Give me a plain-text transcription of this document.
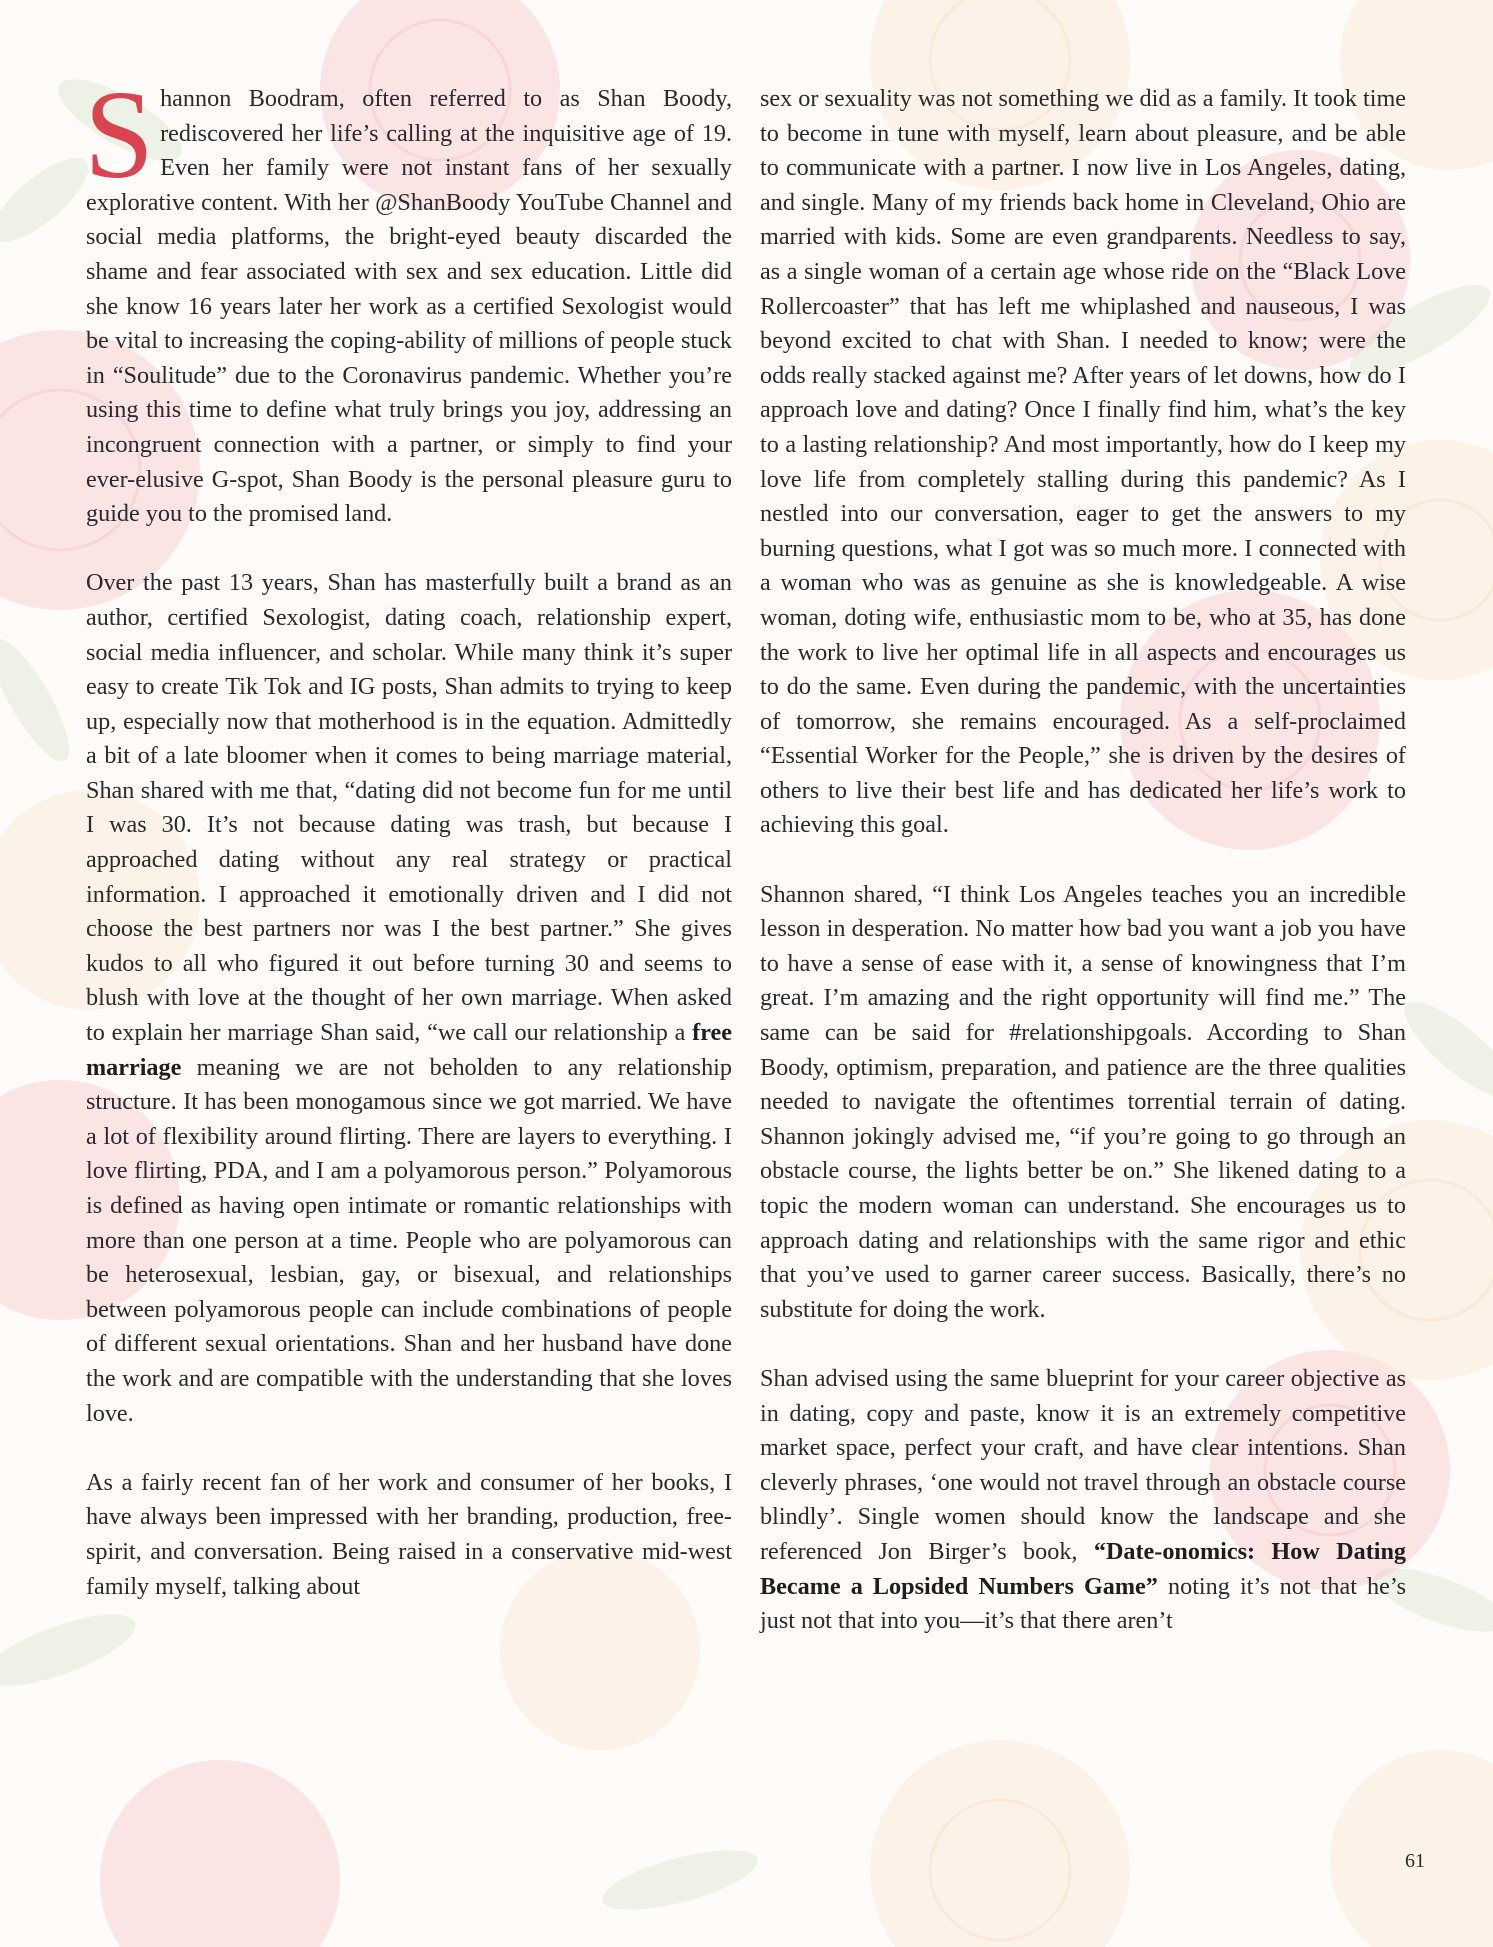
Shannon Boodram, often referred to as Shan Boody, rediscovered her life’s calling at the inquisitive age of 19. Even her family were not instant fans of her sexually explorative content. With her @ShanBoody YouTube Channel and social media platforms, the bright-eyed beauty discarded the shame and fear associated with sex and sex education. Little did she know 16 years later her work as a certified Sexologist would be vital to increasing the coping-ability of millions of people stuck in “Soulitude” due to the Coronavirus pandemic. Whether you’re using this time to define what truly brings you joy, addressing an incongruent connection with a partner, or simply to find your ever-elusive G-spot, Shan Boody is the personal pleasure guru to guide you to the promised land.

Over the past 13 years, Shan has masterfully built a brand as an author, certified Sexologist, dating coach, relationship expert, social media influencer, and scholar. While many think it’s super easy to create Tik Tok and IG posts, Shan admits to trying to keep up, especially now that motherhood is in the equation. Admittedly a bit of a late bloomer when it comes to being marriage material, Shan shared with me that, “dating did not become fun for me until I was 30. It’s not because dating was trash, but because I approached dating without any real strategy or practical information. I approached it emotionally driven and I did not choose the best partners nor was I the best partner.” She gives kudos to all who figured it out before turning 30 and seems to blush with love at the thought of her own marriage. When asked to explain her marriage Shan said, “we call our relationship a free marriage meaning we are not beholden to any relationship structure. It has been monogamous since we got married. We have a lot of flexibility around flirting. There are layers to everything. I love flirting, PDA, and I am a polyamorous person.” Polyamorous is defined as having open intimate or romantic relationships with more than one person at a time. People who are polyamorous can be heterosexual, lesbian, gay, or bisexual, and relationships between polyamorous people can include combinations of people of different sexual orientations. Shan and her husband have done the work and are compatible with the understanding that she loves love.

As a fairly recent fan of her work and consumer of her books, I have always been impressed with her branding, production, free-spirit, and conversation. Being raised in a conservative mid-west family myself, talking about

sex or sexuality was not something we did as a family. It took time to become in tune with myself, learn about pleasure, and be able to communicate with a partner. I now live in Los Angeles, dating, and single. Many of my friends back home in Cleveland, Ohio are married with kids. Some are even grandparents. Needless to say, as a single woman of a certain age whose ride on the “Black Love Rollercoaster” that has left me whiplashed and nauseous, I was beyond excited to chat with Shan. I needed to know; were the odds really stacked against me? After years of let downs, how do I approach love and dating? Once I finally find him, what’s the key to a lasting relationship? And most importantly, how do I keep my love life from completely stalling during this pandemic? As I nestled into our conversation, eager to get the answers to my burning questions, what I got was so much more. I connected with a woman who was as genuine as she is knowledgeable. A wise woman, doting wife, enthusiastic mom to be, who at 35, has done the work to live her optimal life in all aspects and encourages us to do the same. Even during the pandemic, with the uncertainties of tomorrow, she remains encouraged. As a self-proclaimed “Essential Worker for the People,” she is driven by the desires of others to live their best life and has dedicated her life’s work to achieving this goal.

Shannon shared, “I think Los Angeles teaches you an incredible lesson in desperation. No matter how bad you want a job you have to have a sense of ease with it, a sense of knowingness that I’m great. I’m amazing and the right opportunity will find me.” The same can be said for #relationshipgoals. According to Shan Boody, optimism, preparation, and patience are the three qualities needed to navigate the oftentimes torrential terrain of dating. Shannon jokingly advised me, “if you’re going to go through an obstacle course, the lights better be on.” She likened dating to a topic the modern woman can understand. She encourages us to approach dating and relationships with the same rigor and ethic that you’ve used to garner career success. Basically, there’s no substitute for doing the work.

Shan advised using the same blueprint for your career objective as in dating, copy and paste, know it is an extremely competitive market space, perfect your craft, and have clear intentions. Shan cleverly phrases, ‘one would not travel through an obstacle course blindly’. Single women should know the landscape and she referenced Jon Birger’s book, “Date-onomics: How Dating Became a Lopsided Numbers Game” noting it’s not that he’s just not that into you—it’s that there aren’t

61
